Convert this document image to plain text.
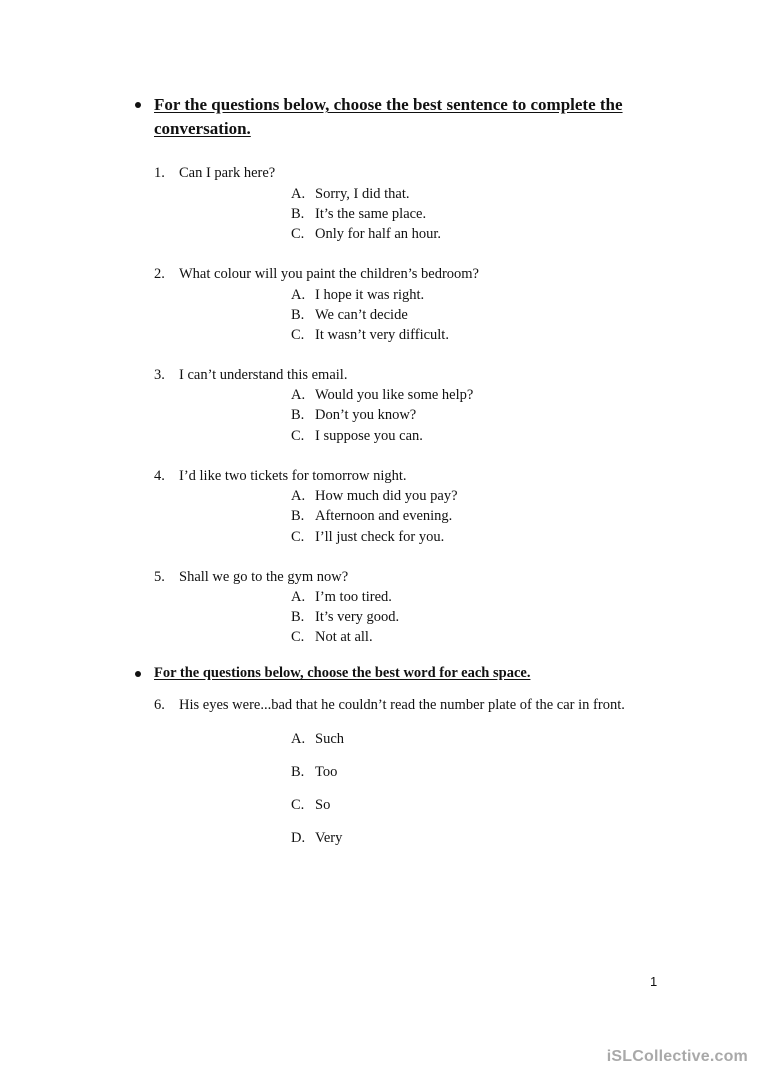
For the questions below, choose the best sentence to complete the conversation.
1. Can I park here?
A. Sorry, I did that.
B. It’s the same place.
C. Only for half an hour.
2. What colour will you paint the children’s bedroom?
A. I hope it was right.
B. We can’t decide
C. It wasn’t very difficult.
3. I can’t understand this email.
A. Would you like some help?
B. Don’t you know?
C. I suppose you can.
4. I’d like two tickets for tomorrow night.
A. How much did you pay?
B. Afternoon and evening.
C. I’ll just check for you.
5. Shall we go to the gym now?
A. I’m too tired.
B. It’s very good.
C. Not at all.
For the questions below, choose the best word for each space.
6. His eyes were...bad that he couldn’t read the number plate of the car in front.
A. Such
B. Too
C. So
D. Very
1
iSLCollective.com
